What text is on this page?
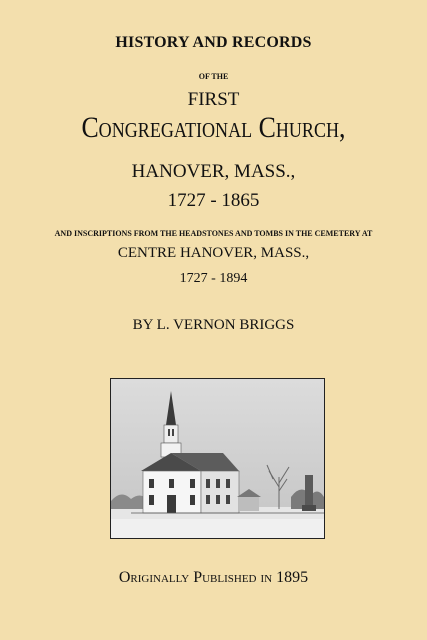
HISTORY AND RECORDS
OF THE
FIRST
Congregational Church,
HANOVER, MASS.,
1727 - 1865
AND INSCRIPTIONS FROM THE HEADSTONES AND TOMBS IN THE CEMETERY AT
CENTRE HANOVER, MASS.,
1727 - 1894
BY L. VERNON BRIGGS
Originally Published in 1895
